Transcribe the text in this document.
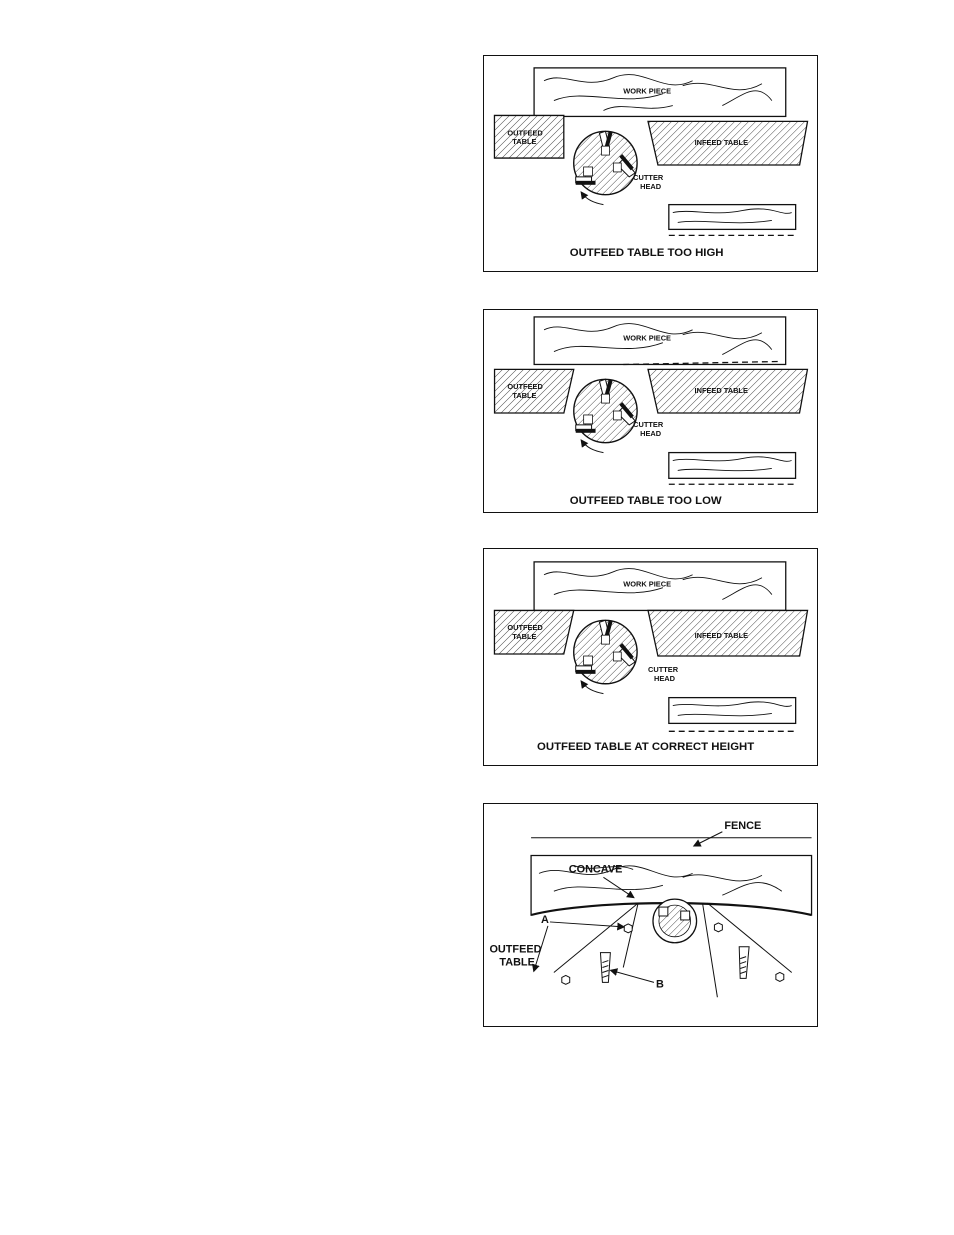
WORK PIECE
OUTFEED
TABLE	INFEED TABLE
CUTTER
HEAD
OUTFEED TABLE TOO HIGH
WORK PIECE
OUTFEED
TABLE
INFEED TABLE
CUTTER
HEAD
OUTFEED TABLE TOO LOW
WORK PIECE
OUTFEED
TABLE	INFEED TABLE
CUTTER
HEAD
OUTFEED TABLE AT CORRECT HEIGHT
FENCE
CONCAVE
A
OUTFEED
TABLE
B
